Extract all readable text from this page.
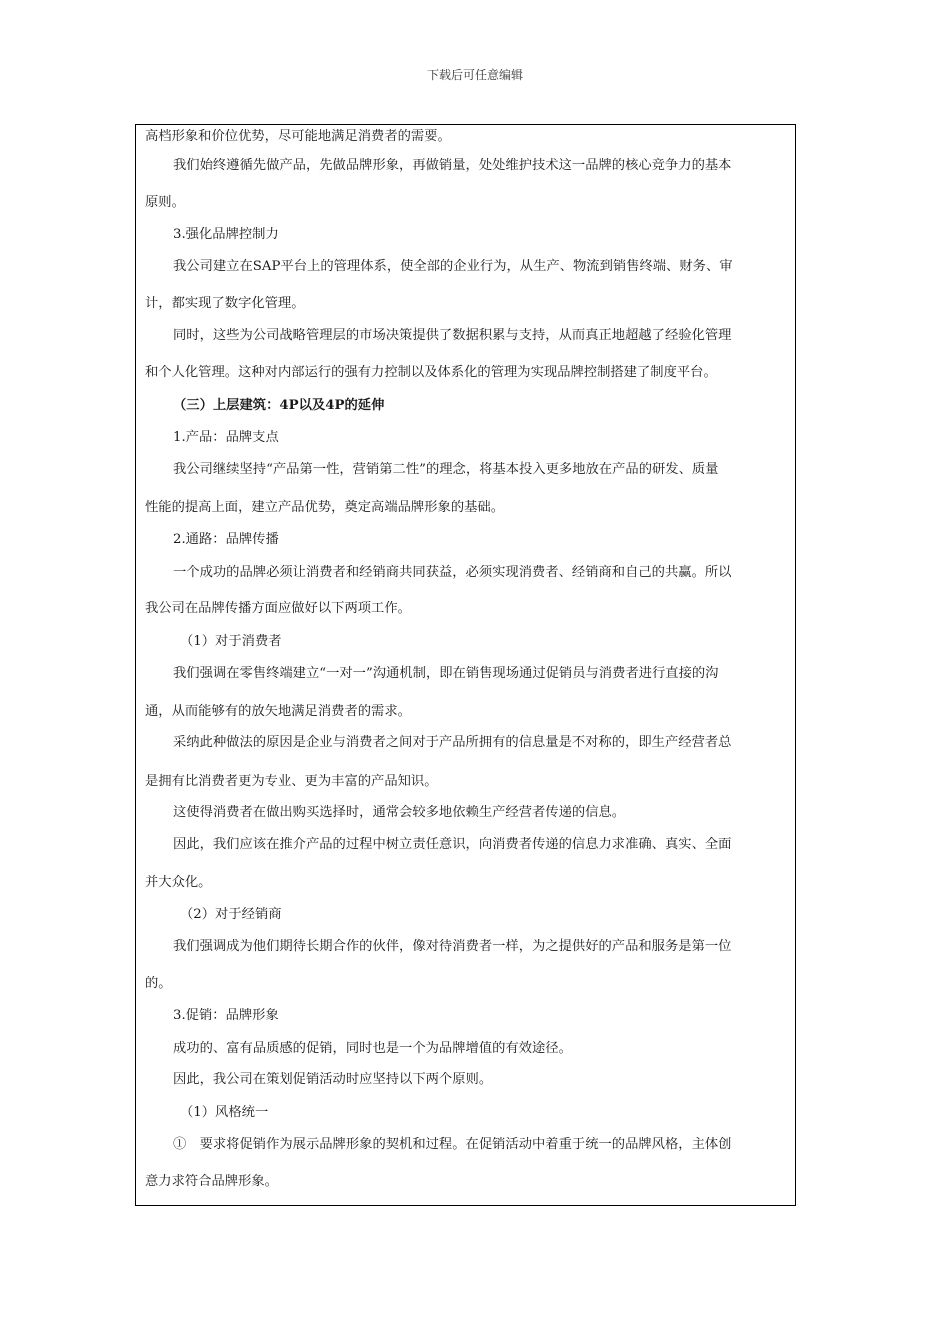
下载后可任意编辑
高档形象和价位优势，尽可能地满足消费者的需要。
我们始终遵循先做产品，先做品牌形象，再做销量，处处维护技术这一品牌的核心竞争力的基本
原则。
3.强化品牌控制力
我公司建立在SAP平台上的管理体系，使全部的企业行为，从生产、物流到销售终端、财务、审
计，都实现了数字化管理。
同时，这些为公司战略管理层的市场决策提供了数据积累与支持，从而真正地超越了经验化管理
和个人化管理。这种对内部运行的强有力控制以及体系化的管理为实现品牌控制搭建了制度平台。
（三）上层建筑：4P以及4P的延伸
1.产品：品牌支点
我公司继续坚持“产品第一性，营销第二性”的理念，将基本投入更多地放在产品的研发、质量
性能的提高上面，建立产品优势，奠定高端品牌形象的基础。
2.通路：品牌传播
一个成功的品牌必须让消费者和经销商共同获益，必须实现消费者、经销商和自己的共赢。所以
我公司在品牌传播方面应做好以下两项工作。
（1）对于消费者
我们强调在零售终端建立“一对一”沟通机制，即在销售现场通过促销员与消费者进行直接的沟
通，从而能够有的放矢地满足消费者的需求。
采纳此种做法的原因是企业与消费者之间对于产品所拥有的信息量是不对称的，即生产经营者总
是拥有比消费者更为专业、更为丰富的产品知识。
这使得消费者在做出购买选择时，通常会较多地依赖生产经营者传递的信息。
因此，我们应该在推介产品的过程中树立责任意识，向消费者传递的信息力求准确、真实、全面
并大众化。
（2）对于经销商
我们强调成为他们期待长期合作的伙伴，像对待消费者一样，为之提供好的产品和服务是第一位
的。
3.促销：品牌形象
成功的、富有品质感的促销，同时也是一个为品牌增值的有效途径。
因此，我公司在策划促销活动时应坚持以下两个原则。
（1）风格统一
①　要求将促销作为展示品牌形象的契机和过程。在促销活动中着重于统一的品牌风格，主体创
意力求符合品牌形象。
